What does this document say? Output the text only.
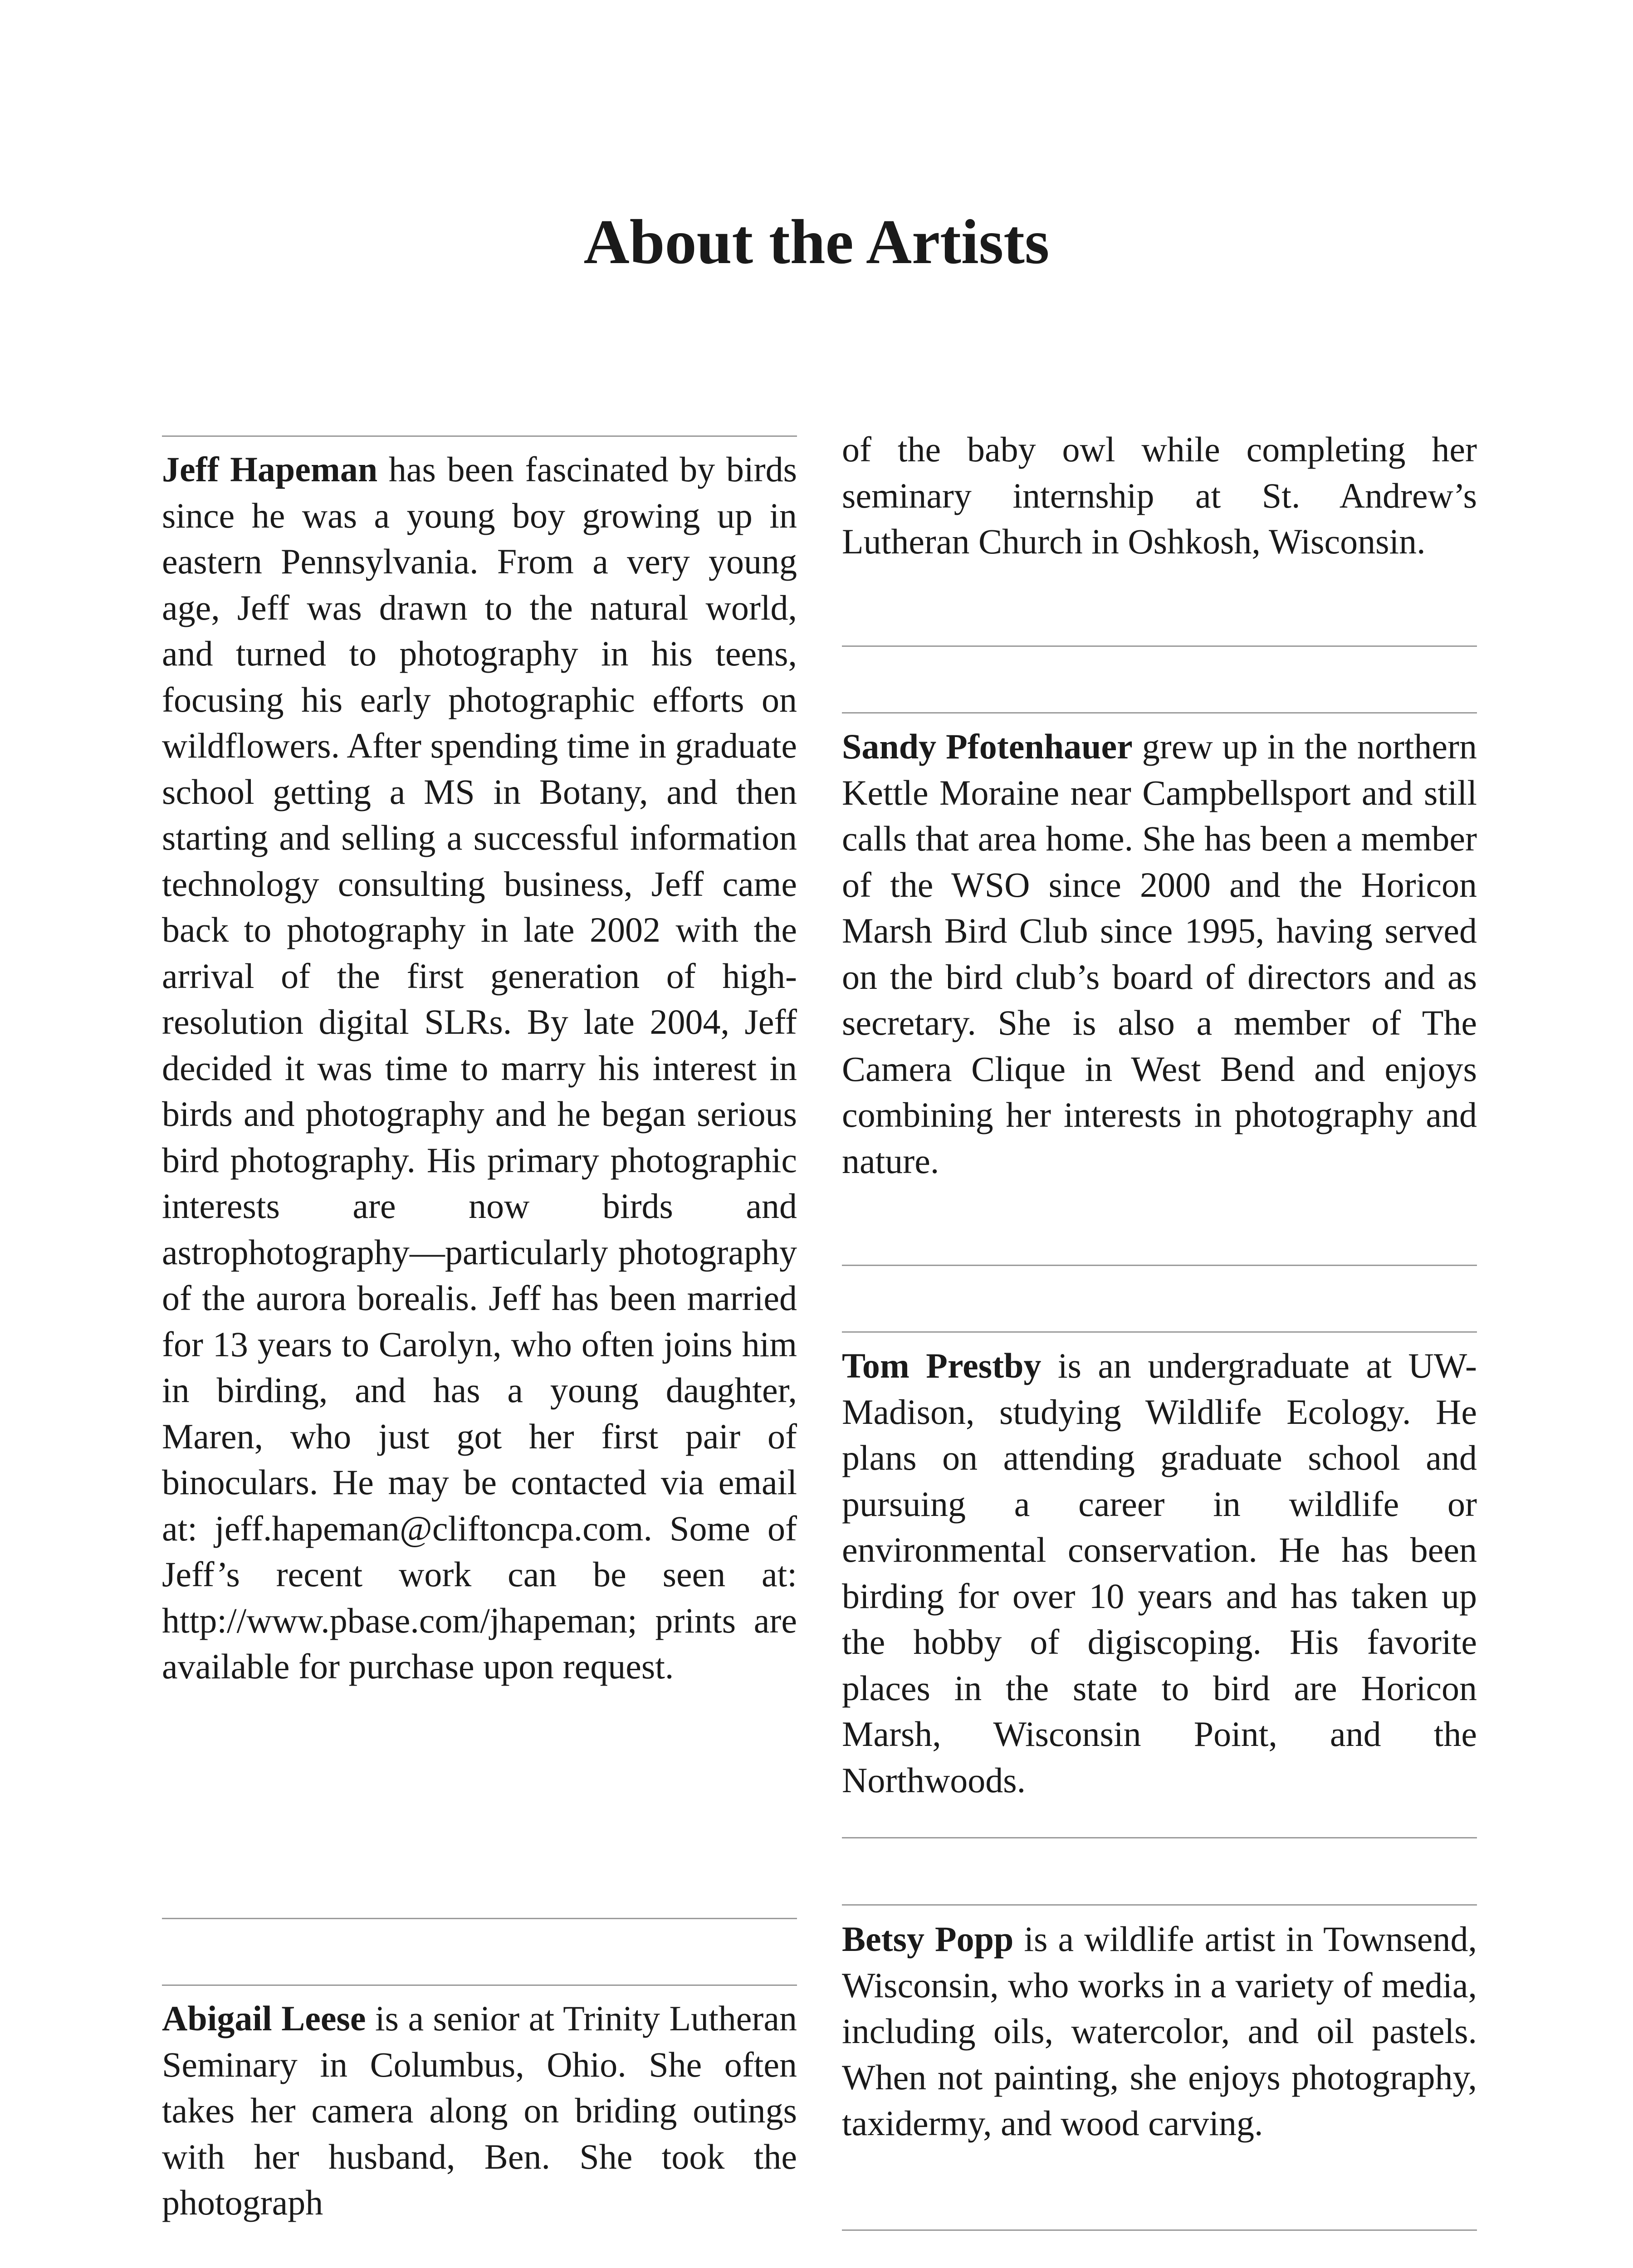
About the Artists

Jeff Hapeman has been fascinated by birds since he was a young boy growing up in eastern Pennsylvania. From a very young age, Jeff was drawn to the natural world, and turned to photography in his teens, focusing his early photographic efforts on wildflowers. After spending time in graduate school getting a MS in Botany, and then starting and selling a successful information technology consulting business, Jeff came back to photography in late 2002 with the arrival of the first generation of high-resolution digital SLRs. By late 2004, Jeff decided it was time to marry his interest in birds and photography and he began serious bird photography. His primary photographic interests are now birds and astrophotography—particularly photography of the aurora borealis. Jeff has been married for 13 years to Carolyn, who often joins him in birding, and has a young daughter, Maren, who just got her first pair of binoculars. He may be contacted via email at: jeff.hapeman@cliftoncpa.com. Some of Jeff’s recent work can be seen at: http://www.pbase.com/jhapeman; prints are available for purchase upon request.

Abigail Leese is a senior at Trinity Lutheran Seminary in Columbus, Ohio. She often takes her camera along on briding outings with her husband, Ben. She took the photograph

of the baby owl while completing her seminary internship at St. Andrew’s Lutheran Church in Oshkosh, Wisconsin.

Sandy Pfotenhauer grew up in the northern Kettle Moraine near Campbellsport and still calls that area home. She has been a member of the WSO since 2000 and the Horicon Marsh Bird Club since 1995, having served on the bird club’s board of directors and as secretary. She is also a member of The Camera Clique in West Bend and enjoys combining her interests in photography and nature.

Tom Prestby is an undergraduate at UW-Madison, studying Wildlife Ecology. He plans on attending graduate school and pursuing a career in wildlife or environmental conservation. He has been birding for over 10 years and has taken up the hobby of digiscoping. His favorite places in the state to bird are Horicon Marsh, Wisconsin Point, and the Northwoods.

Betsy Popp is a wildlife artist in Townsend, Wisconsin, who works in a variety of media, including oils, watercolor, and oil pastels. When not painting, she enjoys photography, taxidermy, and wood carving.
